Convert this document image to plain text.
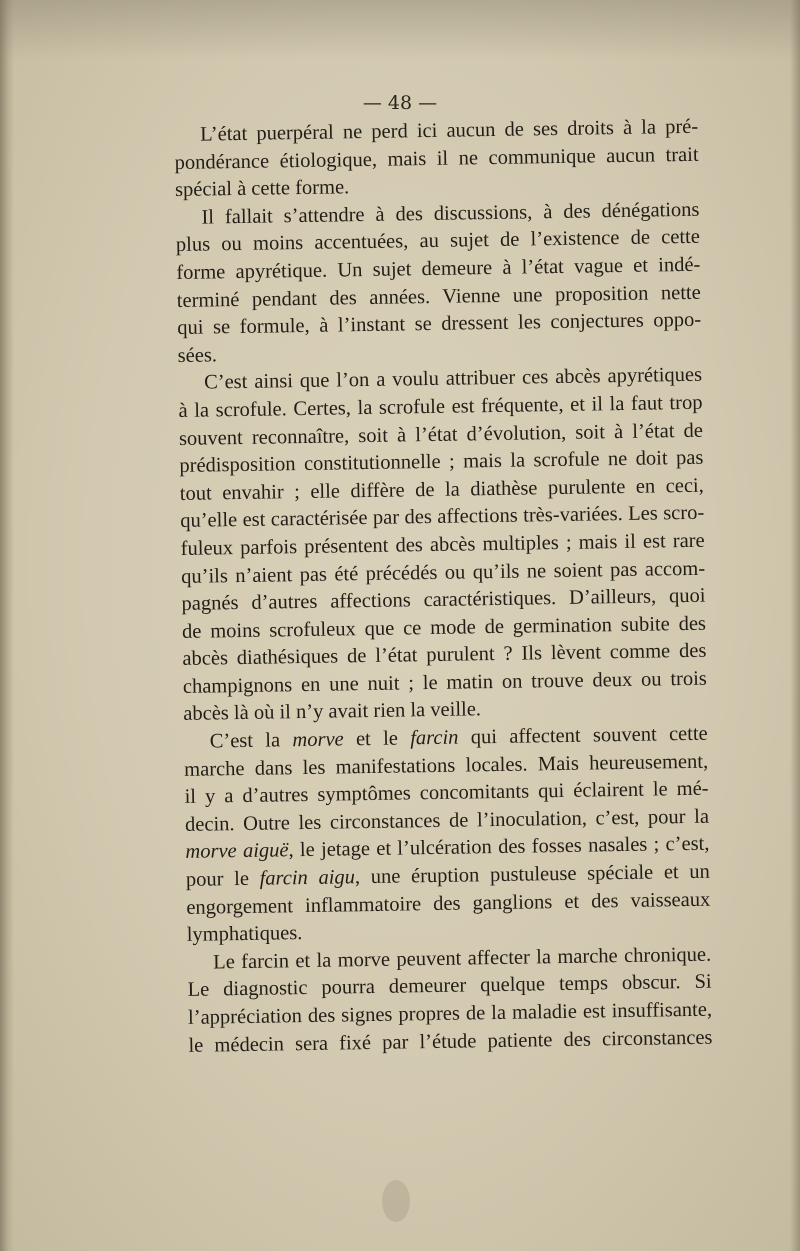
— 48 —

L’état puerpéral ne perd ici aucun de ses droits à la pré-

pondérance étiologique, mais il ne communique aucun trait

spécial à cette forme.

Il fallait s’attendre à des discussions, à des dénégations

plus ou moins accentuées, au sujet de l’existence de cette

forme apyrétique. Un sujet demeure à l’état vague et indé-

terminé pendant des années. Vienne une proposition nette

qui se formule, à l’instant se dressent les conjectures oppo-

sées.

C’est ainsi que l’on a voulu attribuer ces abcès apyrétiques

à la scrofule. Certes, la scrofule est fréquente, et il la faut trop

souvent reconnaître, soit à l’état d’évolution, soit à l’état de

prédisposition constitutionnelle ; mais la scrofule ne doit pas

tout envahir ; elle diffère de la diathèse purulente en ceci,

qu’elle est caractérisée par des affections très-variées. Les scro-

fuleux parfois présentent des abcès multiples ; mais il est rare

qu’ils n’aient pas été précédés ou qu’ils ne soient pas accom-

pagnés d’autres affections caractéristiques. D’ailleurs, quoi

de moins scrofuleux que ce mode de germination subite des

abcès diathésiques de l’état purulent ? Ils lèvent comme des

champignons en une nuit ; le matin on trouve deux ou trois

abcès là où il n’y avait rien la veille.

C’est la morve et le farcin qui affectent souvent cette

marche dans les manifestations locales. Mais heureusement,

il y a d’autres symptômes concomitants qui éclairent le mé-

decin. Outre les circonstances de l’inoculation, c’est, pour la

morve aiguë, le jetage et l’ulcération des fosses nasales ; c’est,

pour le farcin aigu, une éruption pustuleuse spéciale et un

engorgement inflammatoire des ganglions et des vaisseaux

lymphatiques.

Le farcin et la morve peuvent affecter la marche chronique.

Le diagnostic pourra demeurer quelque temps obscur. Si

l’appréciation des signes propres de la maladie est insuffisante,

le médecin sera fixé par l’étude patiente des circonstances
